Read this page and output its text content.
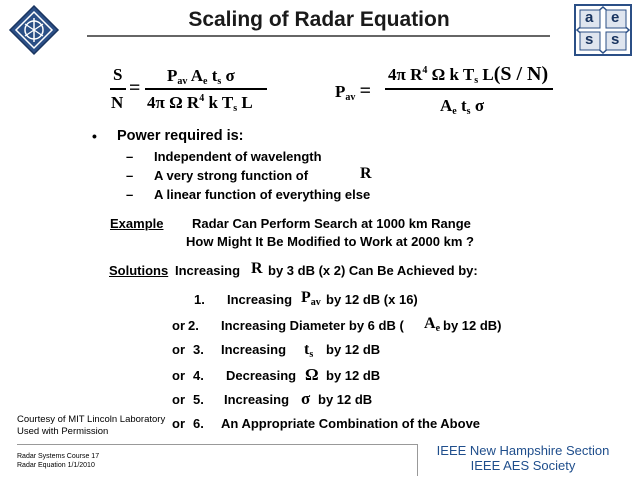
Scaling of Radar Equation	a e
s s
S
N
=
$P_{av}$ $A_e$ $t_s$ σ
4π Ω $R^4$ k $T_s$ L
$P_{av}$ =
4π $R^4$ Ω k $T_s$ L(S / N)
$A_e$ $t_s$ σ
• Power required is:
– Independent of wavelength
– A very strong function of	R
– A linear function of everything else
Example Radar Can Perform Search at 1000 km Range
How Might It Be Modified to Work at 2000 km ?
Solutions Increasing R by 3 dB (x 2) Can Be Achieved by:
1. Increasing $P_{av}$ by 12 dB (x 16)
or 2. Increasing Diameter by 6 dB ( $A_e$ by 12 dB)
or 3. Increasing $t_s$ by 12 dB
or 4. Decreasing Ω by 12 dB
or 5. Increasing σ by 12 dB
or 6. An Appropriate Combination of the Above
Courtesy of MIT Lincoln Laboratory
Used with Permission
Radar Systems Course 17
Radar Equation 1/1/2010
IEEE New Hampshire Section
IEEE AES Society
